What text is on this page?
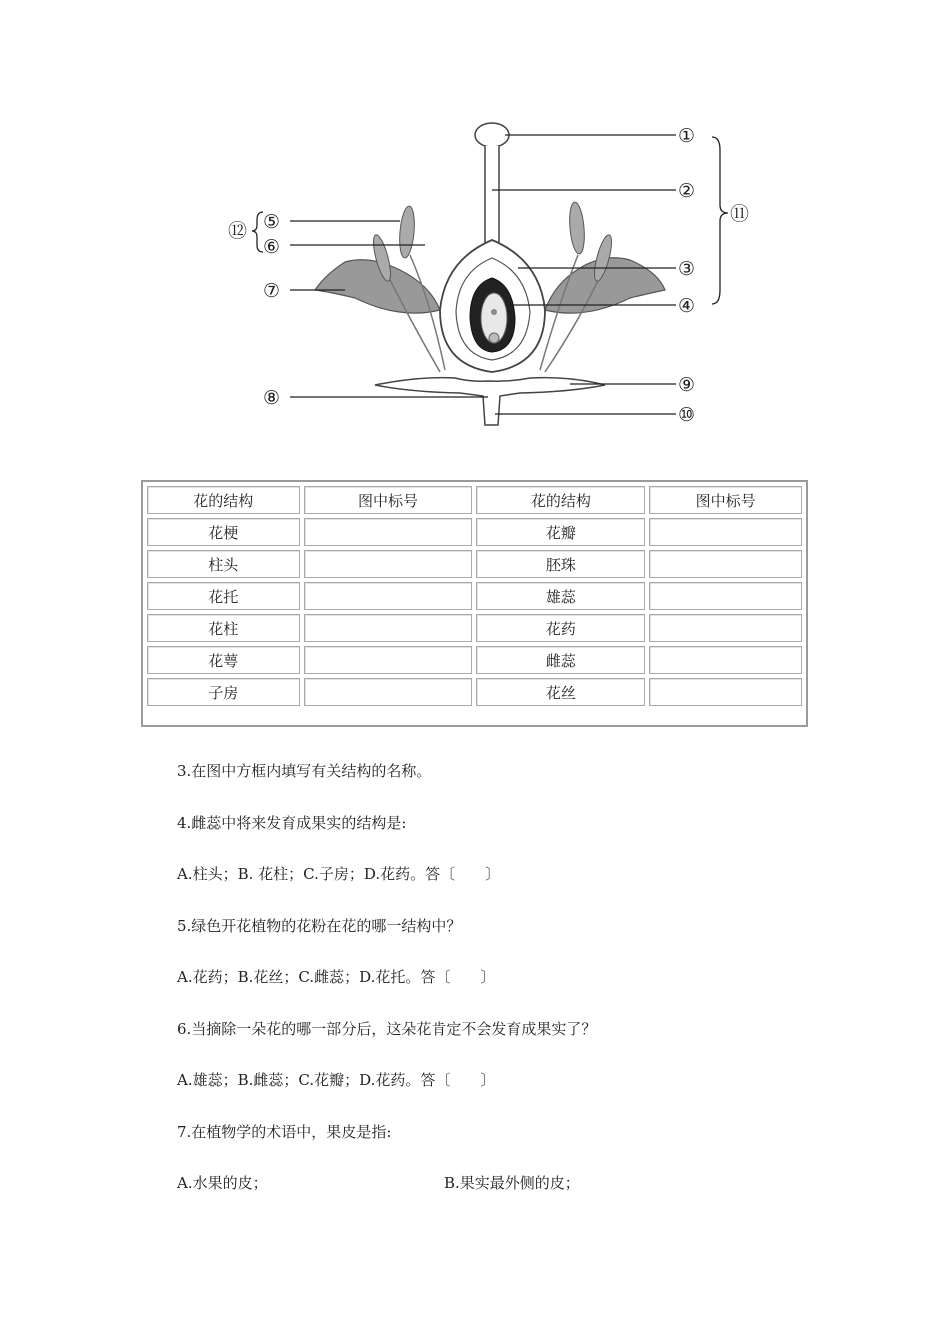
①
②
③
④
⑤
⑥
⑦
⑧
⑨
⑩
⑪
⑫
花的结构	图中标号	花的结构	图中标号
花梗		花瓣	
柱头		胚珠	
花托		雄蕊	
花柱		花药	
花萼		雌蕊	
子房		花丝	
3.在图中方框内填写有关结构的名称。
4.雌蕊中将来发育成果实的结构是:
A.柱头；B. 花柱；C.子房；D.花药。答〔　　〕
5.绿色开花植物的花粉在花的哪一结构中？
A.花药；B.花丝；C.雌蕊；D.花托。答〔　　〕
6.当摘除一朵花的哪一部分后，这朵花肯定不会发育成果实了？
A.雄蕊；B.雌蕊；C.花瓣；D.花药。答〔　　〕
7.在植物学的术语中，果皮是指:
A.水果的皮；	B.果实最外侧的皮；
